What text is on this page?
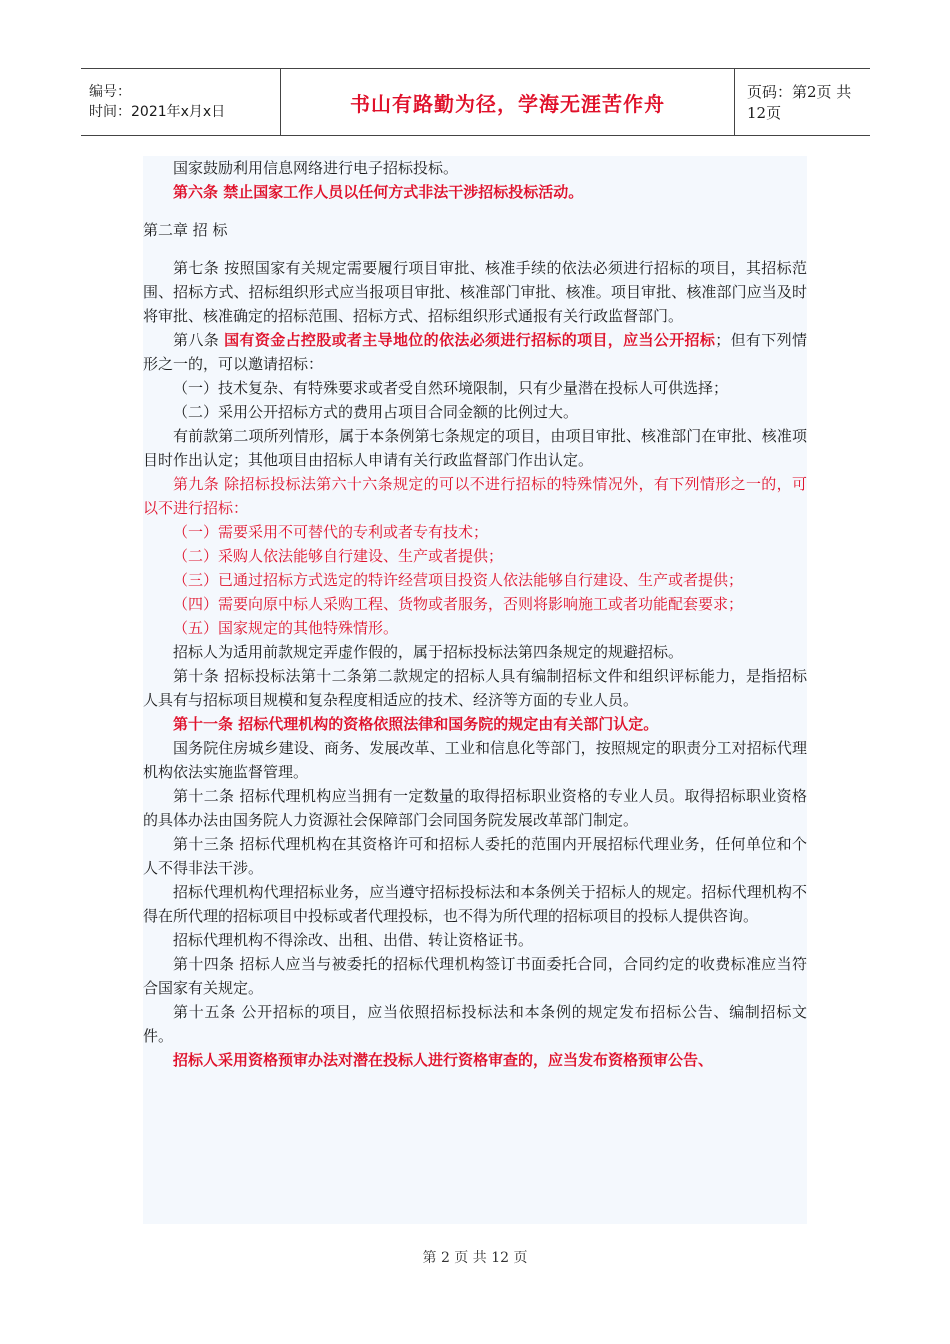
编号：
时间：2021年x月x日	书山有路勤为径，学海无涯苦作舟	页码：第2页 共12页

国家鼓励利用信息网络进行电子招标投标。

第六条 禁止国家工作人员以任何方式非法干涉招标投标活动。

第二章 招 标

第七条 按照国家有关规定需要履行项目审批、核准手续的依法必须进行招标的项目，其招标范围、招标方式、招标组织形式应当报项目审批、核准部门审批、核准。项目审批、核准部门应当及时将审批、核准确定的招标范围、招标方式、招标组织形式通报有关行政监督部门。

第八条 国有资金占控股或者主导地位的依法必须进行招标的项目，应当公开招标；但有下列情形之一的，可以邀请招标：

（一）技术复杂、有特殊要求或者受自然环境限制，只有少量潜在投标人可供选择；

（二）采用公开招标方式的费用占项目合同金额的比例过大。

有前款第二项所列情形，属于本条例第七条规定的项目，由项目审批、核准部门在审批、核准项目时作出认定；其他项目由招标人申请有关行政监督部门作出认定。

第九条 除招标投标法第六十六条规定的可以不进行招标的特殊情况外，有下列情形之一的，可以不进行招标：

（一）需要采用不可替代的专利或者专有技术；

（二）采购人依法能够自行建设、生产或者提供；

（三）已通过招标方式选定的特许经营项目投资人依法能够自行建设、生产或者提供；

（四）需要向原中标人采购工程、货物或者服务，否则将影响施工或者功能配套要求；

（五）国家规定的其他特殊情形。

招标人为适用前款规定弄虚作假的，属于招标投标法第四条规定的规避招标。

第十条 招标投标法第十二条第二款规定的招标人具有编制招标文件和组织评标能力，是指招标人具有与招标项目规模和复杂程度相适应的技术、经济等方面的专业人员。

第十一条 招标代理机构的资格依照法律和国务院的规定由有关部门认定。

国务院住房城乡建设、商务、发展改革、工业和信息化等部门，按照规定的职责分工对招标代理机构依法实施监督管理。

第十二条 招标代理机构应当拥有一定数量的取得招标职业资格的专业人员。取得招标职业资格的具体办法由国务院人力资源社会保障部门会同国务院发展改革部门制定。

第十三条 招标代理机构在其资格许可和招标人委托的范围内开展招标代理业务，任何单位和个人不得非法干涉。

招标代理机构代理招标业务，应当遵守招标投标法和本条例关于招标人的规定。招标代理机构不得在所代理的招标项目中投标或者代理投标，也不得为所代理的招标项目的投标人提供咨询。

招标代理机构不得涂改、出租、出借、转让资格证书。

第十四条 招标人应当与被委托的招标代理机构签订书面委托合同，合同约定的收费标准应当符合国家有关规定。

第十五条 公开招标的项目，应当依照招标投标法和本条例的规定发布招标公告、编制招标文件。

招标人采用资格预审办法对潜在投标人进行资格审查的，应当发布资格预审公告、

第 2 页 共 12 页
